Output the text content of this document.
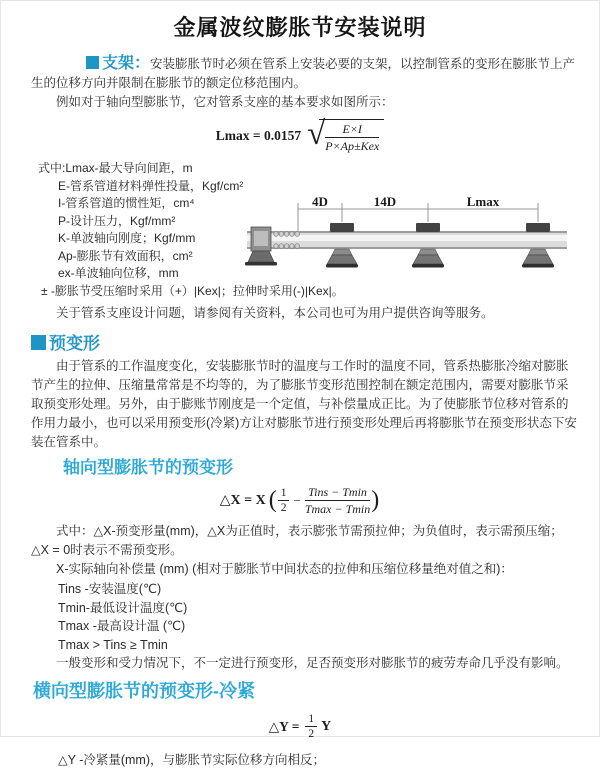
金属波纹膨胀节安装说明

支架：安装膨胀节时必须在管系上安装必要的支架，以控制管系的变形在膨胀节上产生的位移方向并限制在膨胀节的额定位移范围内。

例如对于轴向型膨胀节，它对管系支座的基本要求如图所示：

Lmax = 0.0157 √ $\frac{E\times I}{\text{P×Ap±Kex}}$
式中:Lmax-最大导向间距，m
E-管系管道材料弹性投量，Kgf/cm²
I-管系管道的惯性矩，cm⁴
P-设计压力，Kgf/mm²
K-单波轴向刚度；Kgf/mm
Ap-膨胀节有效面积，cm²
ex-单波轴向位移，mm
± -膨胀节受压缩时采用（+）|Kex|；拉伸时采用(-)|Kex|。

关于管系支座设计问题，请参阅有关资料，本公司也可为用户提供咨询等服务。

4D	14D	Lmax
预变形

由于管系的工作温度变化，安装膨胀节时的温度与工作时的温度不同，管系热膨胀冷缩对膨胀节产生的拉伸、压缩量常常是不均等的，为了膨胀节变形范围控制在额定范围内，需要对膨胀节采取预变形处理。另外，由于膨账节刚度是一个定值，与补偿量成正比。为了使膨胀节位移对管系的作用力最小，也可以采用预变形(冷紧)方让对膨胀节进行预变形处理后再将膨胀节在预变形状态下安装在管系中。

轴向型膨胀节的预变形
△X = X ( $\frac{1}{2} - \frac{\text{Tins − Tmin}}{Tmax - Tmin}$ )

式中：△X-预变形量(mm)，△X为正值时，表示膨张节需预拉伸；为负值时，表示需预压缩；△X = 0时表示不需预变形。

X-实际轴向补偿量 (mm) (相对于膨胀节中间状态的拉伸和压缩位移量绝对值之和)：
Tins -安装温度(℃)
Tmin-最低设计温度(℃)
Tmax -最高设计温 (℃)
Tmax > Tins ≥ Tmin

一般变形和受力情况下，不一定进行预变形，足否预变形对膨胀节的疲劳寿命几乎没有影响。

横向型膨胀节的预变形-冷紧
△Y = $\frac{1}{2}$ Y
△Y -冷紧量(mm)，与膨胀节实际位移方向相反；
